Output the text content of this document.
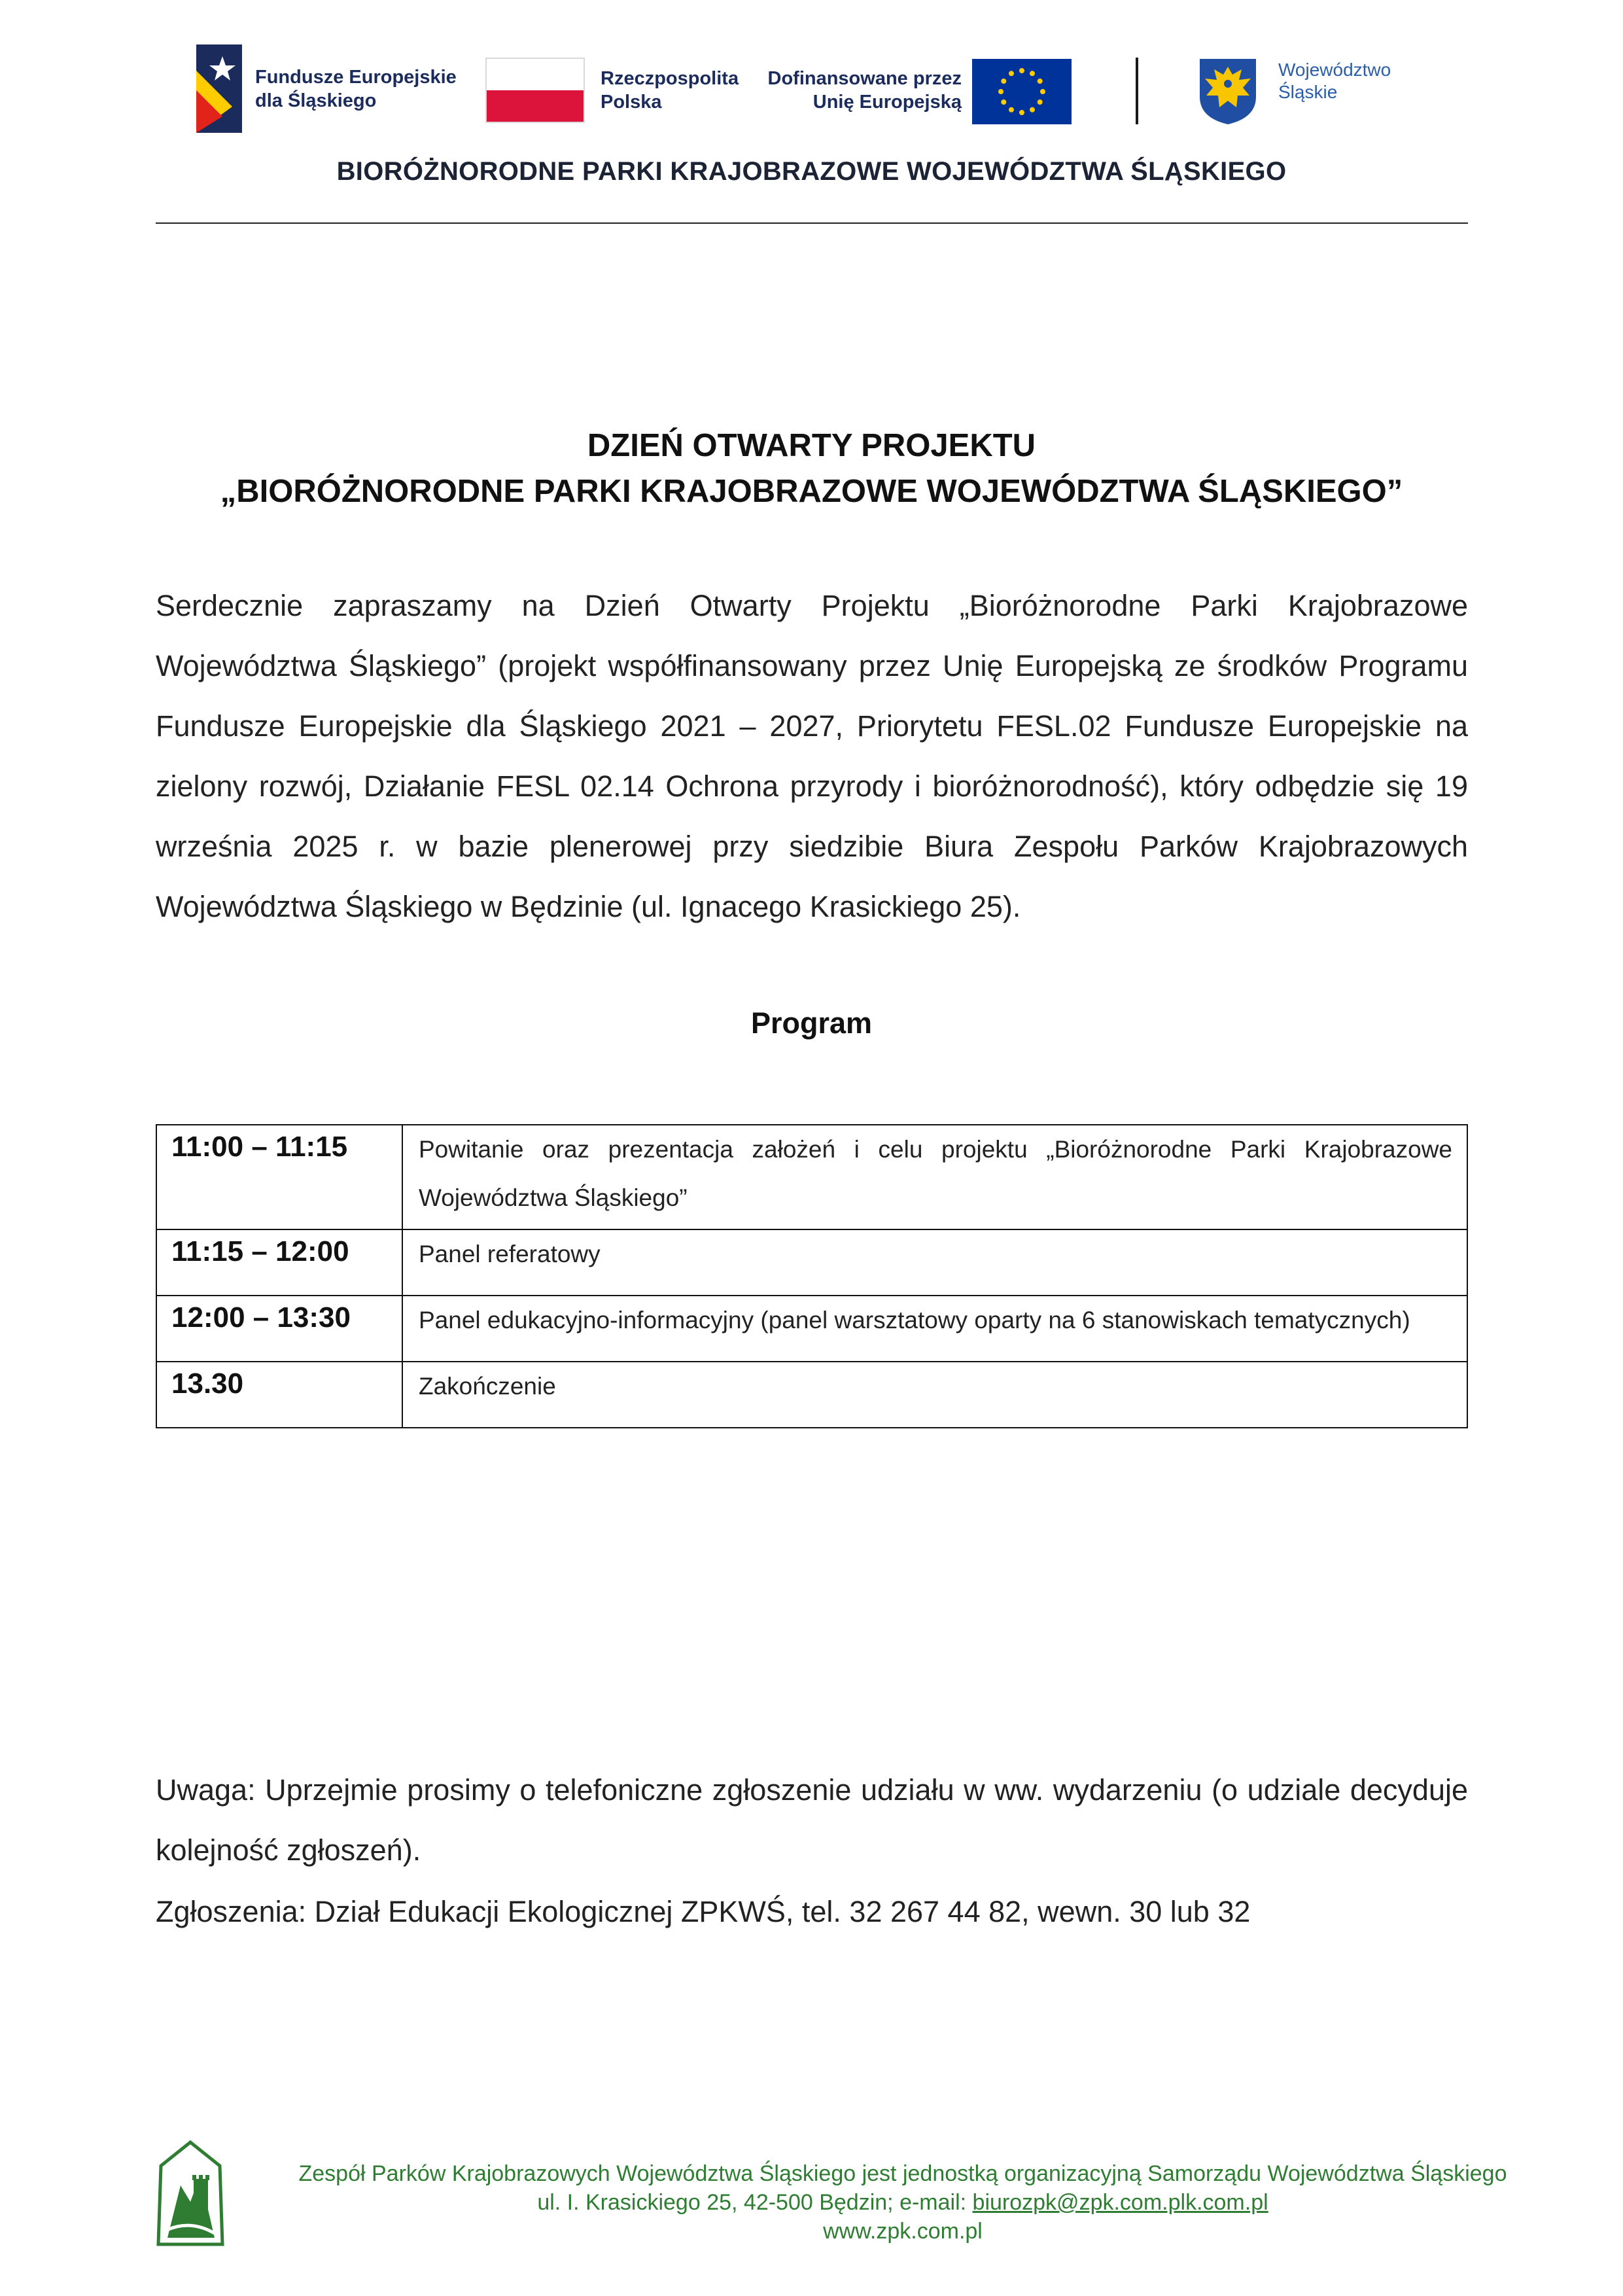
Fundusze Europejskie
dla Śląskiego
Rzeczpospolita
Polska
Dofinansowane przez
Unię Europejską
Województwo
Śląskie
BIORÓŻNORODNE PARKI KRAJOBRAZOWE WOJEWÓDZTWA ŚLĄSKIEGO
DZIEŃ OTWARTY PROJEKTU
„BIORÓŻNORODNE PARKI KRAJOBRAZOWE WOJEWÓDZTWA ŚLĄSKIEGO”

Serdecznie zapraszamy na Dzień Otwarty Projektu „Bioróżnorodne Parki Krajobrazowe Województwa Śląskiego” (projekt współfinansowany przez Unię Europejską ze środków Programu Fundusze Europejskie dla Śląskiego 2021 – 2027, Priorytetu FESL.02 Fundusze Europejskie na zielony rozwój, Działanie FESL 02.14 Ochrona przyrody i bioróżnorodność), który odbędzie się 19 września 2025 r. w bazie plenerowej przy siedzibie Biura Zespołu Parków Krajobrazowych Województwa Śląskiego w Będzinie (ul. Ignacego Krasickiego 25).

Program
11:00 – 11:15	Powitanie oraz prezentacja założeń i celu projektu „Bioróżnorodne Parki Krajobrazowe Województwa Śląskiego”
11:15 – 12:00	Panel referatowy
12:00 – 13:30	Panel edukacyjno-informacyjny (panel warsztatowy oparty na 6 stanowiskach tematycznych)
13.30	Zakończenie

Uwaga: Uprzejmie prosimy o telefoniczne zgłoszenie udziału w ww. wydarzeniu (o udziale decyduje kolejność zgłoszeń).

Zgłoszenia: Dział Edukacji Ekologicznej ZPKWŚ, tel. 32 267 44 82, wewn. 30 lub 32

Zespół Parków Krajobrazowych Województwa Śląskiego jest jednostką organizacyjną Samorządu Województwa Śląskiego
ul. I. Krasickiego 25, 42-500 Będzin; e-mail: biurozpk@zpk.com.plk.com.pl
www.zpk.com.pl
